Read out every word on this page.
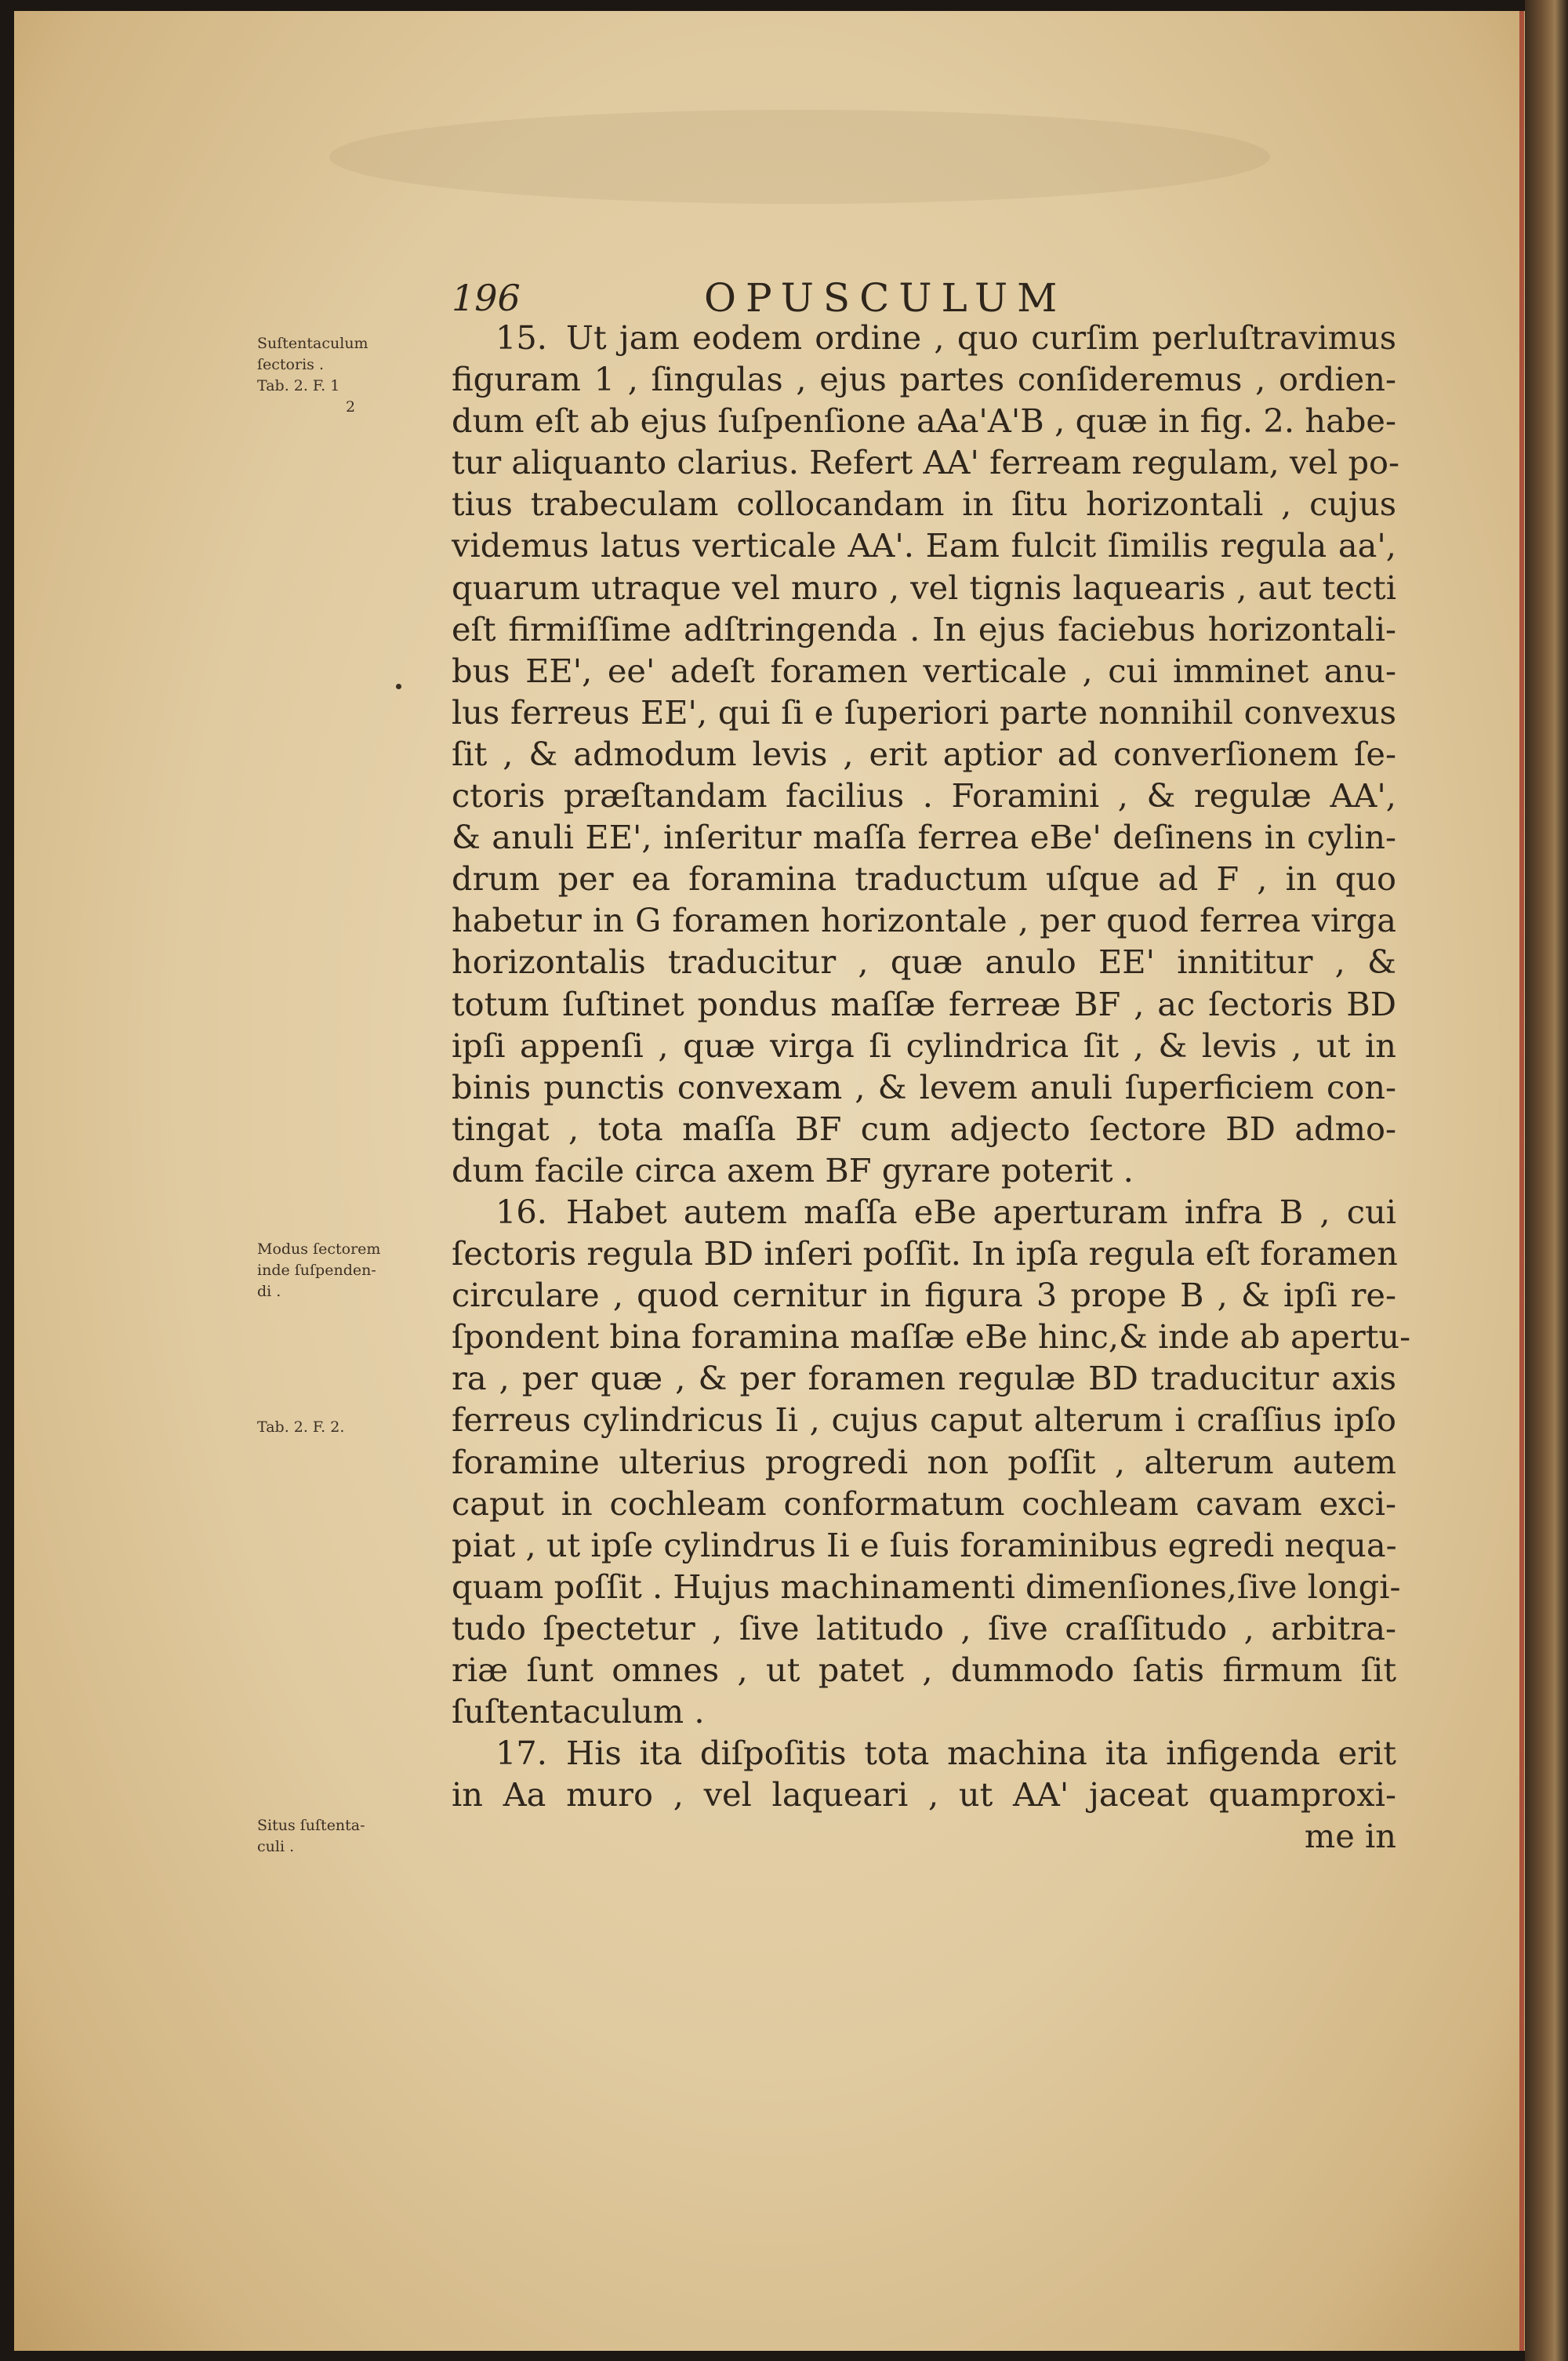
196	OPUSCULUM
Suſtentaculum
ſectoris .
Tab. 2. F. 1
2
Modus ſectorem
inde ſuſpenden-
di .
Tab. 2. F. 2.
Situs ſuſtenta-
culi .
15. Ut jam eodem ordine , quo curſim perluſtravimus
figuram 1 , ſingulas , ejus partes conſideremus , ordien-
dum eſt ab ejus ſuſpenſione aAa'A'B , quæ in fig. 2. habe-
tur aliquanto clarius. Refert AA' ferream regulam, vel po-
tius trabeculam collocandam in ſitu horizontali , cujus
videmus latus verticale AA'. Eam fulcit ſimilis regula aa',
quarum utraque vel muro , vel tignis laquearis , aut tecti
eſt firmiſſime adſtringenda . In ejus faciebus horizontali-
bus EE', ee' adeſt foramen verticale , cui imminet anu-
lus ferreus EE', qui ſi e ſuperiori parte nonnihil convexus
ſit , & admodum levis , erit aptior ad converſionem ſe-
ctoris præſtandam facilius . Foramini , & regulæ AA',
& anuli EE', inſeritur maſſa ferrea eBe' deſinens in cylin-
drum per ea foramina traductum uſque ad F , in quo
habetur in G foramen horizontale , per quod ferrea virga
horizontalis traducitur , quæ anulo EE' innititur , &
totum ſuſtinet pondus maſſæ ferreæ BF , ac ſectoris BD
ipſi appenſi , quæ virga ſi cylindrica ſit , & levis , ut in
binis punctis convexam , & levem anuli ſuperficiem con-
tingat , tota maſſa BF cum adjecto ſectore BD admo-
dum facile circa axem BF gyrare poterit .
16. Habet autem maſſa eBe aperturam infra B , cui
ſectoris regula BD inſeri poſſit. In ipſa regula eſt foramen
circulare , quod cernitur in figura 3 prope B , & ipſi re-
ſpondent bina foramina maſſæ eBe hinc,& inde ab apertu-
ra , per quæ , & per foramen regulæ BD traducitur axis
ferreus cylindricus Ii , cujus caput alterum i craſſius ipſo
foramine ulterius progredi non poſſit , alterum autem
caput in cochleam conformatum cochleam cavam exci-
piat , ut ipſe cylindrus Ii e ſuis foraminibus egredi nequa-
quam poſſit . Hujus machinamenti dimenſiones,ſive longi-
tudo ſpectetur , ſive latitudo , ſive craſſitudo , arbitra-
riæ ſunt omnes , ut patet , dummodo ſatis firmum ſit
ſuſtentaculum .
17. His ita diſpoſitis tota machina ita infigenda erit
in Aa muro , vel laqueari , ut AA' jaceat quamproxi-
me in
